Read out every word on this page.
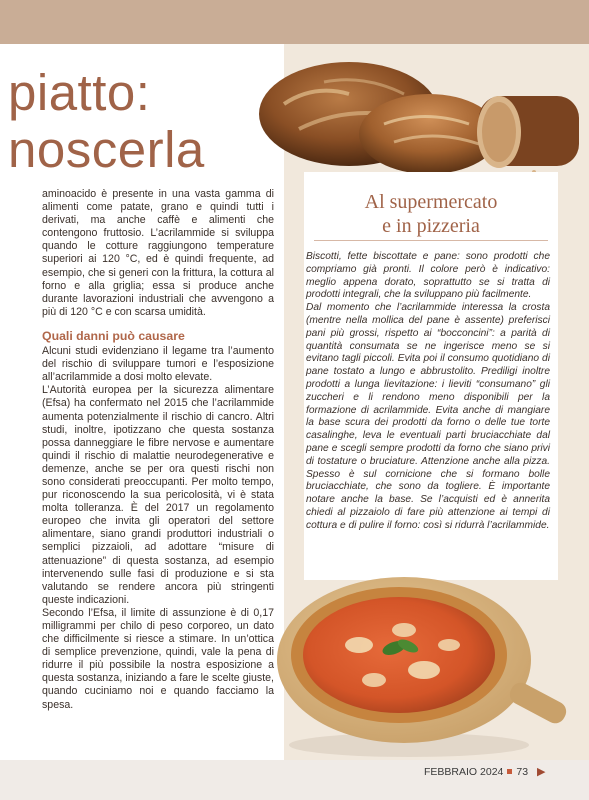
piatto:
noscerla

aminoacido è presente in una vasta gamma di alimenti come patate, grano e quindi tutti i derivati, ma anche caffè e alimenti che contengono fruttosio. L’acrilammide si sviluppa quando le cotture raggiungono temperature superiori ai 120 °C, ed è quindi frequente, ad esempio, che si generi con la frittura, la cottura al forno e alla griglia; essa si produce anche durante lavorazioni industriali che avvengono a più di 120 °C e con scarsa umidità.

Quali danni può causare

Alcuni studi evidenziano il legame tra l’aumento del rischio di sviluppare tumori e l’esposizione all’acrilammide a dosi molto elevate.

L’Autorità europea per la sicurezza alimentare (Efsa) ha confermato nel 2015 che l’acrilammide aumenta potenzialmente il rischio di cancro. Altri studi, inoltre, ipotizzano che questa sostanza possa danneggiare le fibre nervose e aumentare quindi il rischio di malattie neurodegenerative e demenze, anche se per ora questi rischi non sono considerati preoccupanti. Per molto tempo, pur riconoscendo la sua pericolosità, vi è stata molta tolleranza. È del 2017 un regolamento europeo che invita gli operatori del settore alimentare, siano grandi produttori industriali o semplici pizzaioli, ad adottare “misure di attenuazione” di questa sostanza, ad esempio intervenendo sulle fasi di produzione e si sta valutando se rendere ancora più stringenti queste indicazioni.

Secondo l’Efsa, il limite di assunzione è di 0,17 milligrammi per chilo di peso corporeo, un dato che difficilmente si riesce a stimare. In un’ottica di semplice prevenzione, quindi, vale la pena di ridurre il più possibile la nostra esposizione a questa sostanza, iniziando a fare le scelte giuste, quando cuciniamo noi e quando facciamo la spesa.

Al supermercato
e in pizzeria

Biscotti, fette biscottate e pane: sono prodotti che compriamo già pronti. Il colore però è indicativo: meglio appena dorato, soprattutto se si tratta di prodotti integrali, che la sviluppano più facilmente.

Dal momento che l’acrilammide interessa la crosta (mentre nella mollica del pane è assente) preferisci pani più grossi, rispetto ai “bocconcini”: a parità di quantità consumata se ne ingerisce meno se si evitano tagli piccoli. Evita poi il consumo quotidiano di pane tostato a lungo e abbrustolito. Prediligi inoltre prodotti a lunga lievitazione: i lieviti “consumano” gli zuccheri e li rendono meno disponibili per la formazione di acrilammide. Evita anche di mangiare la base scura dei prodotti da forno o delle tue torte casalinghe, leva le eventuali parti bruciacchiate dal pane e scegli sempre prodotti da forno che siano privi di tostature o bruciature. Attenzione anche alla pizza. Spesso è sul cornicione che si formano bolle bruciacchiate, che sono da togliere. È importante notare anche la base. Se l’acquisti ed è annerita chiedi al pizzaiolo di fare più attenzione ai tempi di cottura e di pulire il forno: così si ridurrà l’acrilammide.

FEBBRAIO 2024 73 ▶
